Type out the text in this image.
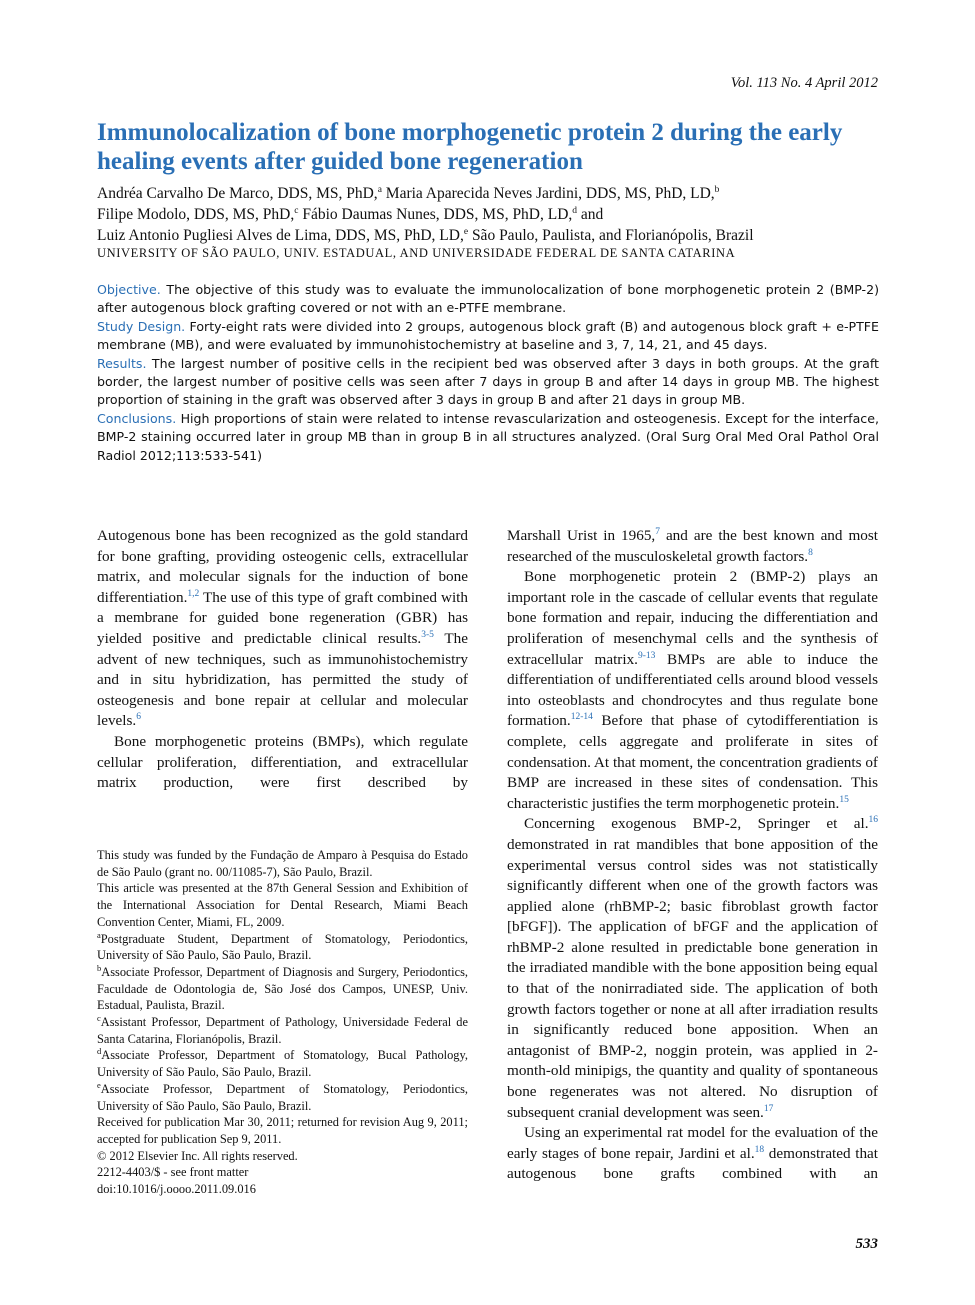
Vol. 113 No. 4 April 2012
Immunolocalization of bone morphogenetic protein 2 during the early healing events after guided bone regeneration
Andréa Carvalho De Marco, DDS, MS, PhD,$^a$ Maria Aparecida Neves Jardini, DDS, MS, PhD, LD,$^b$
Filipe Modolo, DDS, MS, PhD,$^c$ Fábio Daumas Nunes, DDS, MS, PhD, LD,$^d$ and
Luiz Antonio Pugliesi Alves de Lima, DDS, MS, PhD, LD,$^e$ São Paulo, Paulista, and Florianópolis, Brazil
UNIVERSITY OF SÃO PAULO, UNIV. ESTADUAL, AND UNIVERSIDADE FEDERAL DE SANTA CATARINA

Objective. The objective of this study was to evaluate the immunolocalization of bone morphogenetic protein 2 (BMP-2) after autogenous block grafting covered or not with an e-PTFE membrane.

Study Design. Forty-eight rats were divided into 2 groups, autogenous block graft (B) and autogenous block graft + e-PTFE membrane (MB), and were evaluated by immunohistochemistry at baseline and 3, 7, 14, 21, and 45 days.

Results. The largest number of positive cells in the recipient bed was observed after 3 days in both groups. At the graft border, the largest number of positive cells was seen after 7 days in group B and after 14 days in group MB. The highest proportion of staining in the graft was observed after 3 days in group B and after 21 days in group MB.

Conclusions. High proportions of stain were related to intense revascularization and osteogenesis. Except for the interface, BMP-2 staining occurred later in group MB than in group B in all structures analyzed. (Oral Surg Oral Med Oral Pathol Oral Radiol 2012;113:533-541)

Autogenous bone has been recognized as the gold standard for bone grafting, providing osteogenic cells, extracellular matrix, and molecular signals for the induction of bone differentiation.$^{1,2}$ The use of this type of graft combined with a membrane for guided bone regeneration (GBR) has yielded positive and predictable clinical results.$^{3-5}$ The advent of new techniques, such as immunohistochemistry and in situ hybridization, has permitted the study of osteogenesis and bone repair at cellular and molecular levels.$^6$

Bone morphogenetic proteins (BMPs), which regulate cellular proliferation, differentiation, and extracellular matrix production, were first described by

This study was funded by the Fundação de Amparo à Pesquisa do Estado de São Paulo (grant no. 00/11085-7), São Paulo, Brazil.

This article was presented at the 87th General Session and Exhibition of the International Association for Dental Research, Miami Beach Convention Center, Miami, FL, 2009.

$^a$Postgraduate Student, Department of Stomatology, Periodontics, University of São Paulo, São Paulo, Brazil.

$^b$Associate Professor, Department of Diagnosis and Surgery, Periodontics, Faculdade de Odontologia de, São José dos Campos, UNESP, Univ. Estadual, Paulista, Brazil.

$^c$Assistant Professor, Department of Pathology, Universidade Federal de Santa Catarina, Florianópolis, Brazil.

$^d$Associate Professor, Department of Stomatology, Bucal Pathology, University of São Paulo, São Paulo, Brazil.

$^e$Associate Professor, Department of Stomatology, Periodontics, University of São Paulo, São Paulo, Brazil.

Received for publication Mar 30, 2011; returned for revision Aug 9, 2011; accepted for publication Sep 9, 2011.

© 2012 Elsevier Inc. All rights reserved.

2212-4403/$ - see front matter

doi:10.1016/j.oooo.2011.09.016

Marshall Urist in 1965,$^7$ and are the best known and most researched of the musculoskeletal growth factors.$^8$

Bone morphogenetic protein 2 (BMP-2) plays an important role in the cascade of cellular events that regulate bone formation and repair, inducing the differentiation and proliferation of mesenchymal cells and the synthesis of extracellular matrix.$^{9-13}$ BMPs are able to induce the differentiation of undifferentiated cells around blood vessels into osteoblasts and chondrocytes and thus regulate bone formation.$^{12-14}$ Before that phase of cytodifferentiation is complete, cells aggregate and proliferate in sites of condensation. At that moment, the concentration gradients of BMP are increased in these sites of condensation. This characteristic justifies the term morphogenetic protein.$^{15}$

Concerning exogenous BMP-2, Springer et al.$^{16}$ demonstrated in rat mandibles that bone apposition of the experimental versus control sides was not statistically significantly different when one of the growth factors was applied alone (rhBMP-2; basic fibroblast growth factor [bFGF]). The application of bFGF and the application of rhBMP-2 alone resulted in predictable bone generation in the irradiated mandible with the bone apposition being equal to that of the nonirradiated side. The application of both growth factors together or none at all after irradiation results in significantly reduced bone apposition. When an antagonist of BMP-2, noggin protein, was applied in 2-month-old minipigs, the quantity and quality of spontaneous bone regenerates was not altered. No disruption of subsequent cranial development was seen.$^{17}$

Using an experimental rat model for the evaluation of the early stages of bone repair, Jardini et al.$^{18}$ demonstrated that autogenous bone grafts combined with an

533
